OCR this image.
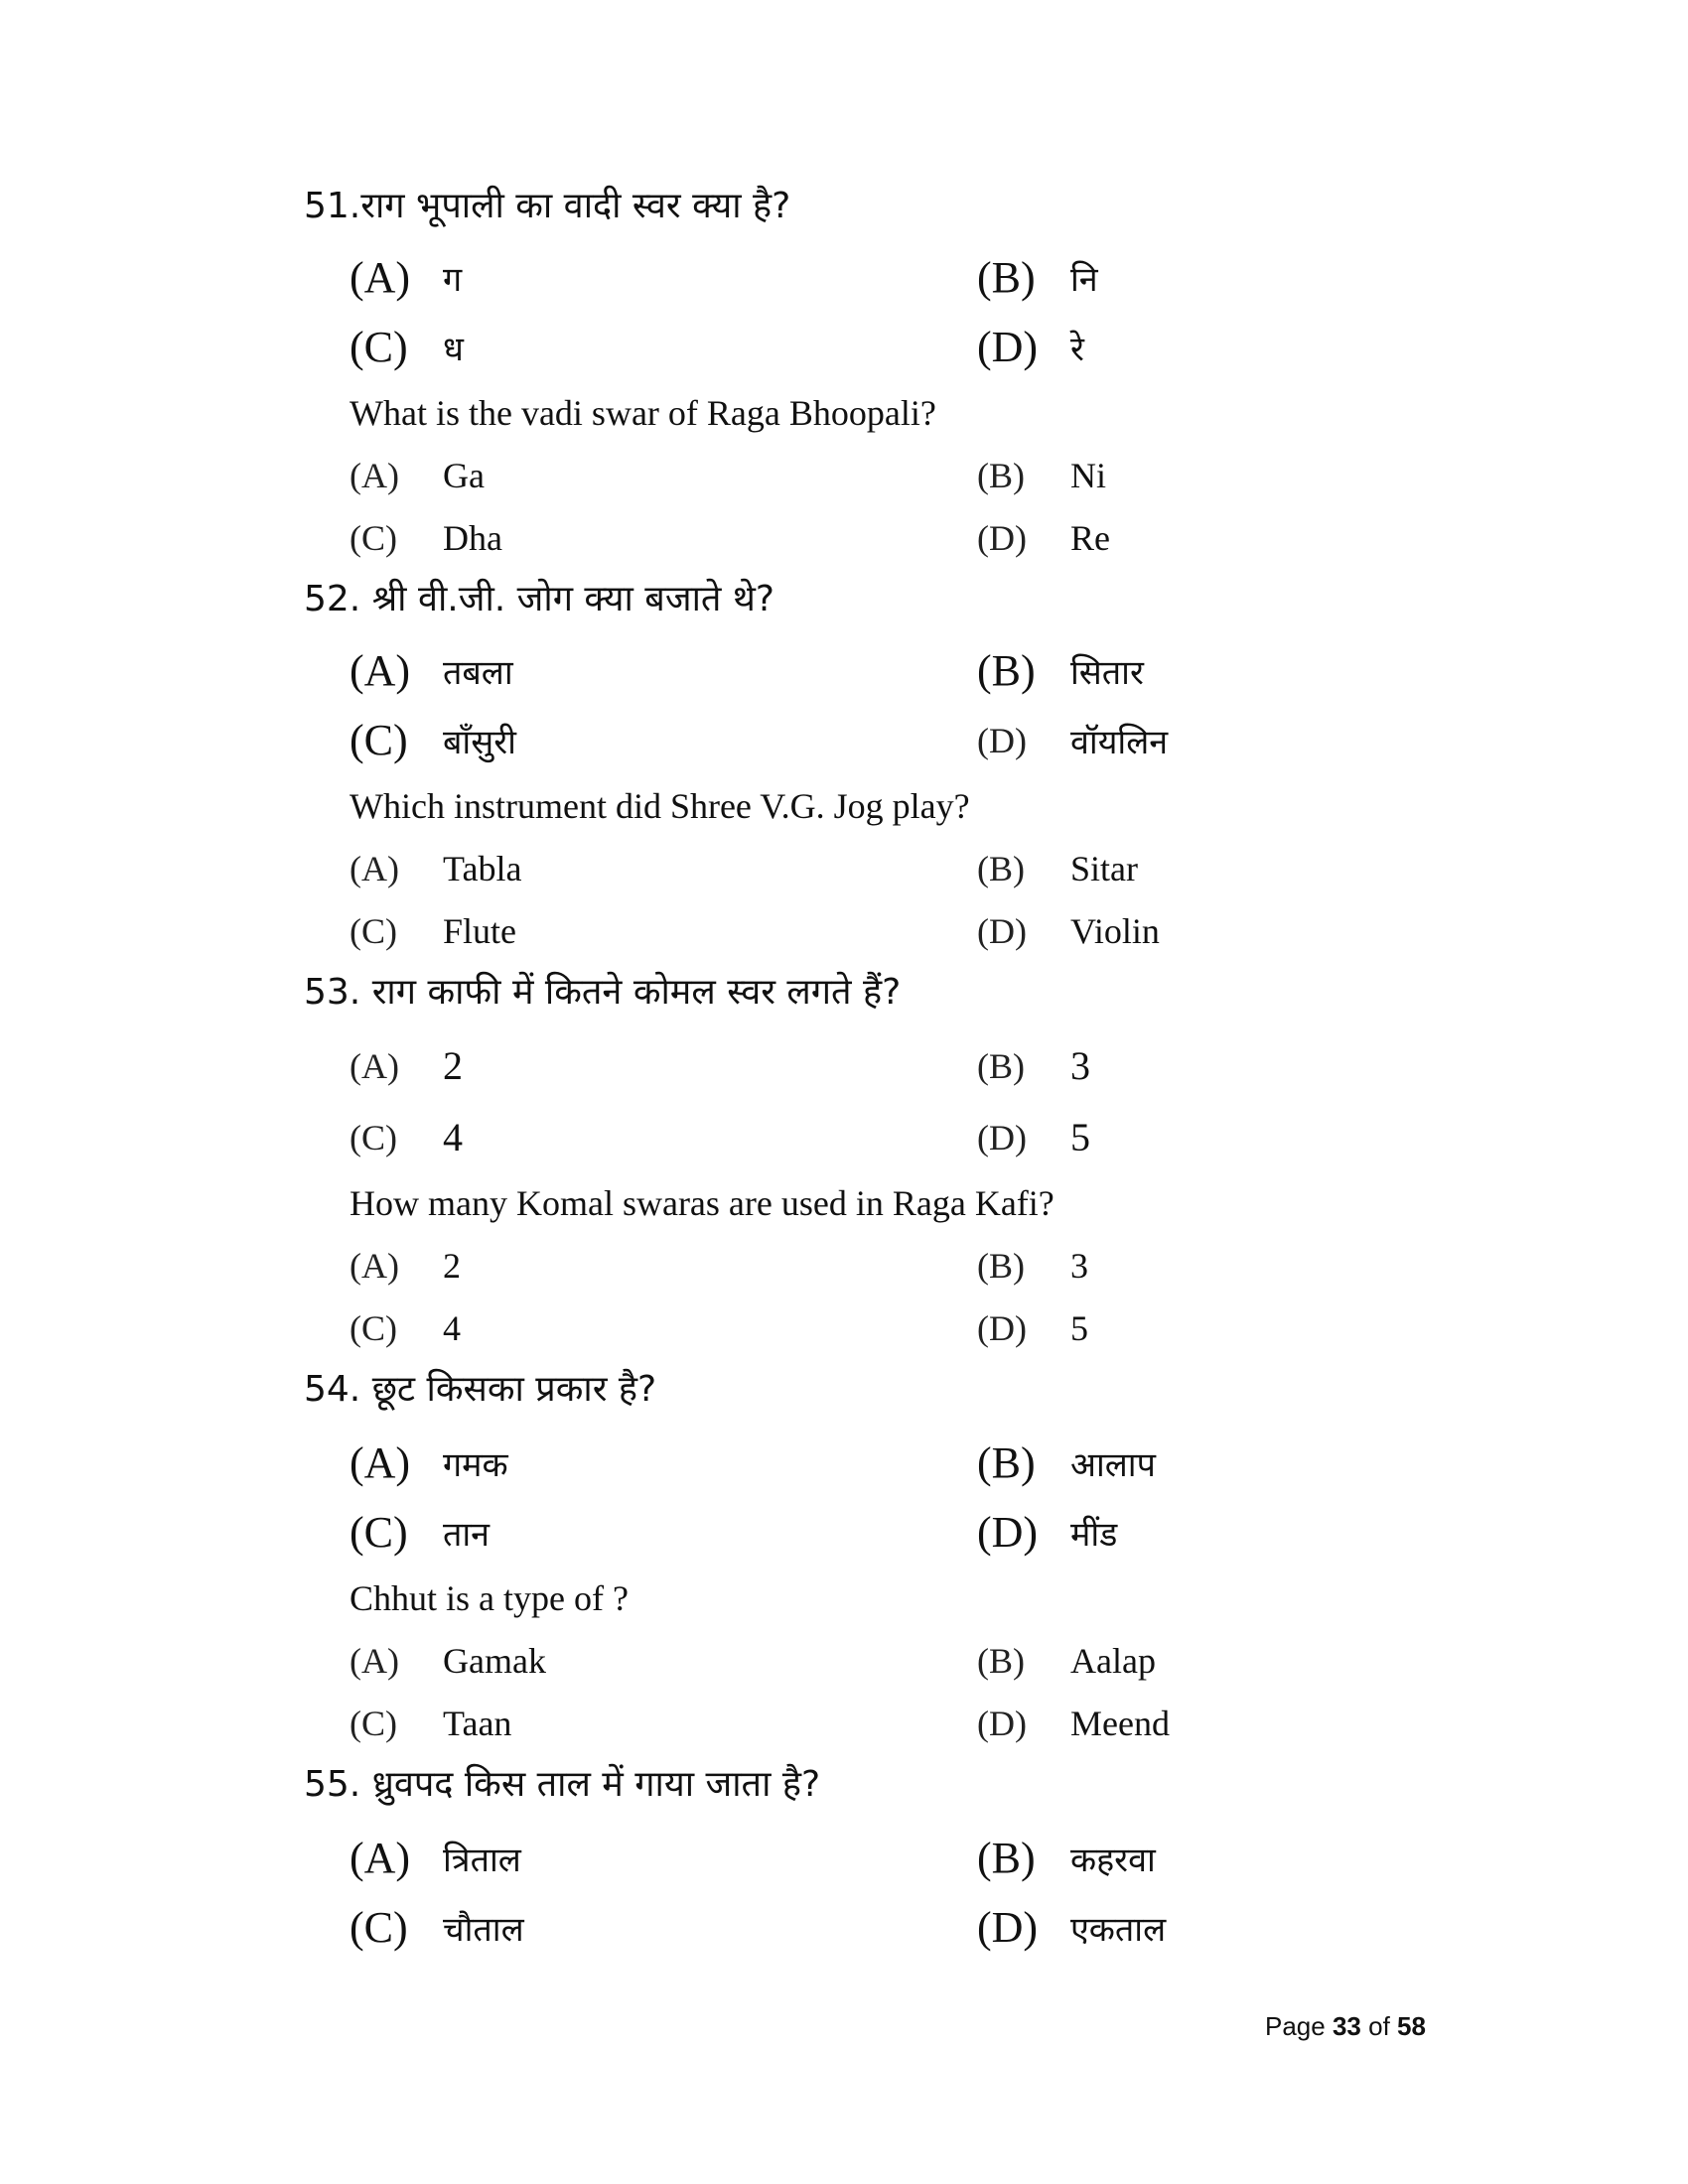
51.राग भूपाली का वादी स्वर क्या है?
(A) ग	(B) नि
(C) ध	(D) रे
What is the vadi swar of Raga Bhoopali?
(A) Ga	(B) Ni
(C) Dha	(D) Re
52. श्री वी.जी. जोग क्या बजाते थे?
(A) तबला	(B) सितार
(C) बाँसुरी	(D) वॉयलिन
Which instrument did Shree V.G. Jog play?
(A) Tabla	(B) Sitar
(C) Flute	(D) Violin
53. राग काफी में कितने कोमल स्वर लगते हैं?
(A) 2	(B) 3
(C) 4	(D) 5
How many Komal swaras are used in Raga Kafi?
(A) 2	(B) 3
(C) 4	(D) 5
54. छूट किसका प्रकार है?
(A) गमक	(B) आलाप
(C) तान	(D) मींड
Chhut is a type of ?
(A) Gamak	(B) Aalap
(C) Taan	(D) Meend
55. ध्रुवपद किस ताल में गाया जाता है?
(A) त्रिताल	(B) कहरवा
(C) चौताल	(D) एकताल
Page 33 of 58
